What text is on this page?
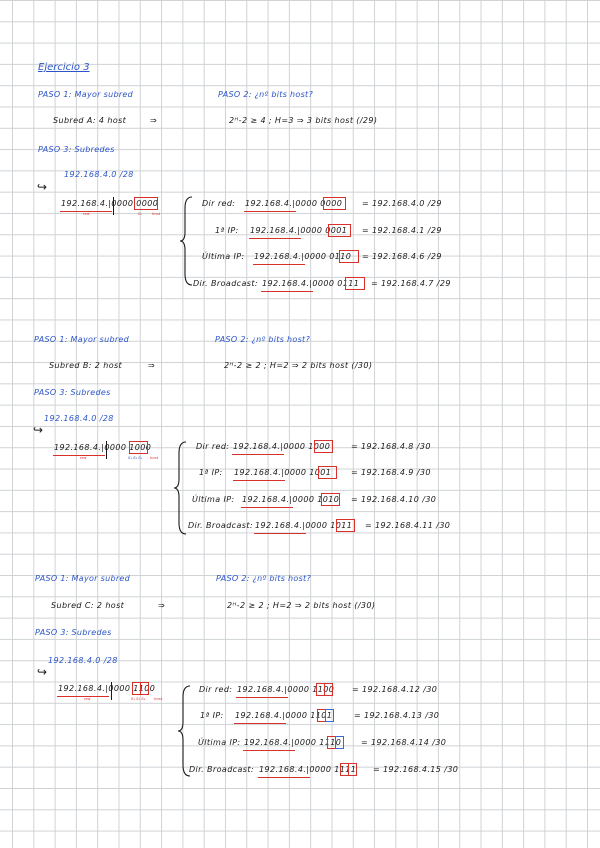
Ejercicio 3
PASO 1: Mayor subred	PASO 2: ¿nº bits host?
Subred A: 4 host	⇒	2ᴴ-2 ≥ 4 ; H=3 ⇒ 3 bits host (/29)
PASO 3: Subredes
192.168.4.0 /28
↪
192.168.4.|0000 0000
red	S₀	host
Dir red: 192.168.4.|0000 0000 = 192.168.4.0 /29
1ª IP: 192.168.4.|0000 0001 = 192.168.4.1 /29
Última IP: 192.168.4.|0000 0110 = 192.168.4.6 /29
Dir. Broadcast: 192.168.4.|0000 0111 = 192.168.4.7 /29
PASO 1: Mayor subred	PASO 2: ¿nº bits host?
Subred B: 2 host	⇒	2ᴴ-2 ≥ 2 ; H=2 ⇒ 2 bits host (/30)
PASO 3: Subredes
192.168.4.0 /28
↪
192.168.4.|0000 1000
red	S₁ S₂ S₀ host
Dir red: 192.168.4.|0000 1000	= 192.168.4.8 /30
1ª IP: 192.168.4.|0000 1001 = 192.168.4.9 /30
Última IP: 192.168.4.|0000 1010 = 192.168.4.10 /30
Dir. Broadcast: 192.168.4.|0000 1011 = 192.168.4.11 /30
PASO 1: Mayor subred	PASO 2: ¿nº bits host?
Subred C: 2 host	⇒	2ᴴ-2 ≥ 2 ; H=2 ⇒ 2 bits host (/30)
PASO 3: Subredes
192.168.4.0 /28
↪
192.168.4.|0000 1100
red	S₁ S₂ S₃ host
Dir red: 192.168.4.|0000 1100 = 192.168.4.12 /30
1ª IP: 192.168.4.|0000 1101	= 192.168.4.13 /30
Última IP: 192.168.4.|0000 1110 = 192.168.4.14 /30
Dir. Broadcast: 192.168.4.|0000 1111 = 192.168.4.15 /30
